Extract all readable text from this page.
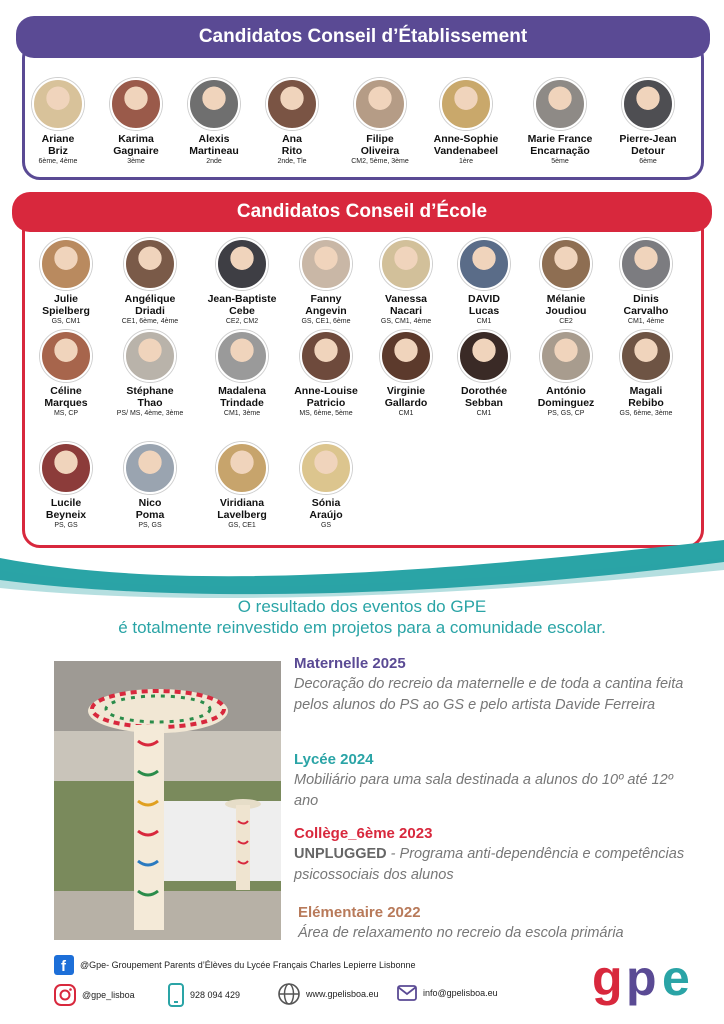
Candidatos Conseil d’Établissement
Ariane
Briz
6ème, 4ème
Karima
Gagnaire
3ème
Alexis
Martineau
2nde
Ana
Rito
2nde, Tle
Filipe
Oliveira
CM2, 5ème, 3ème
Anne-Sophie
Vandenabeel
1ère
Marie France
Encarnação
5ème
Pierre-Jean
Detour
6ème
Candidatos Conseil d’École
Julie
Spielberg
GS, CM1
Angélique
Driadi
CE1, 6ème, 4ème
Jean-Baptiste
Cebe
CE2, CM2
Fanny
Angevin
GS, CE1, 6ème
Vanessa
Nacari
GS, CM1, 4ème
DAVID
Lucas
CM1
Mélanie
Joudiou
CE2
Dinis
Carvalho
CM1, 4ème
Céline
Marques
MS, CP
Stéphane
Thao
PS/ MS, 4ème, 3ème
Madalena
Trindade
CM1, 3ème
Anne-Louise
Patricio
MS, 6ème, 5ème
Virginie
Gallardo
CM1
Dorothée
Sebban
CM1
António
Dominguez
PS, GS, CP
Magali
Rebibo
GS, 6ème, 3ème
Lucile
Beyneix
PS, GS
Nico
Poma
PS, GS
Viridiana
Lavelberg
GS, CE1
Sónia
Araújo
GS
O resultado dos eventos do GPE
é totalmente reinvestido em projetos para a comunidade escolar.
Maternelle 2025
Decoração do recreio da maternelle e de toda a cantina feita pelos alunos do PS ao GS e pelo artista Davide Ferreira
Lycée 2024
Mobiliário para uma sala destinada a alunos do 10º até 12º ano
Collège_6ème 2023
UNPLUGGED - Programa anti-dependência e competências psicossociais dos alunos
Elémentaire 2022
Área de relaxamento no recreio da escola primária
f @Gpe- Groupement Parents d’Élèves du Lycée Français Charles Lepierre Lisbonne
@gpe_lisboa	928 094 429	www.gpelisboa.eu	info@gpelisboa.eu g p e
